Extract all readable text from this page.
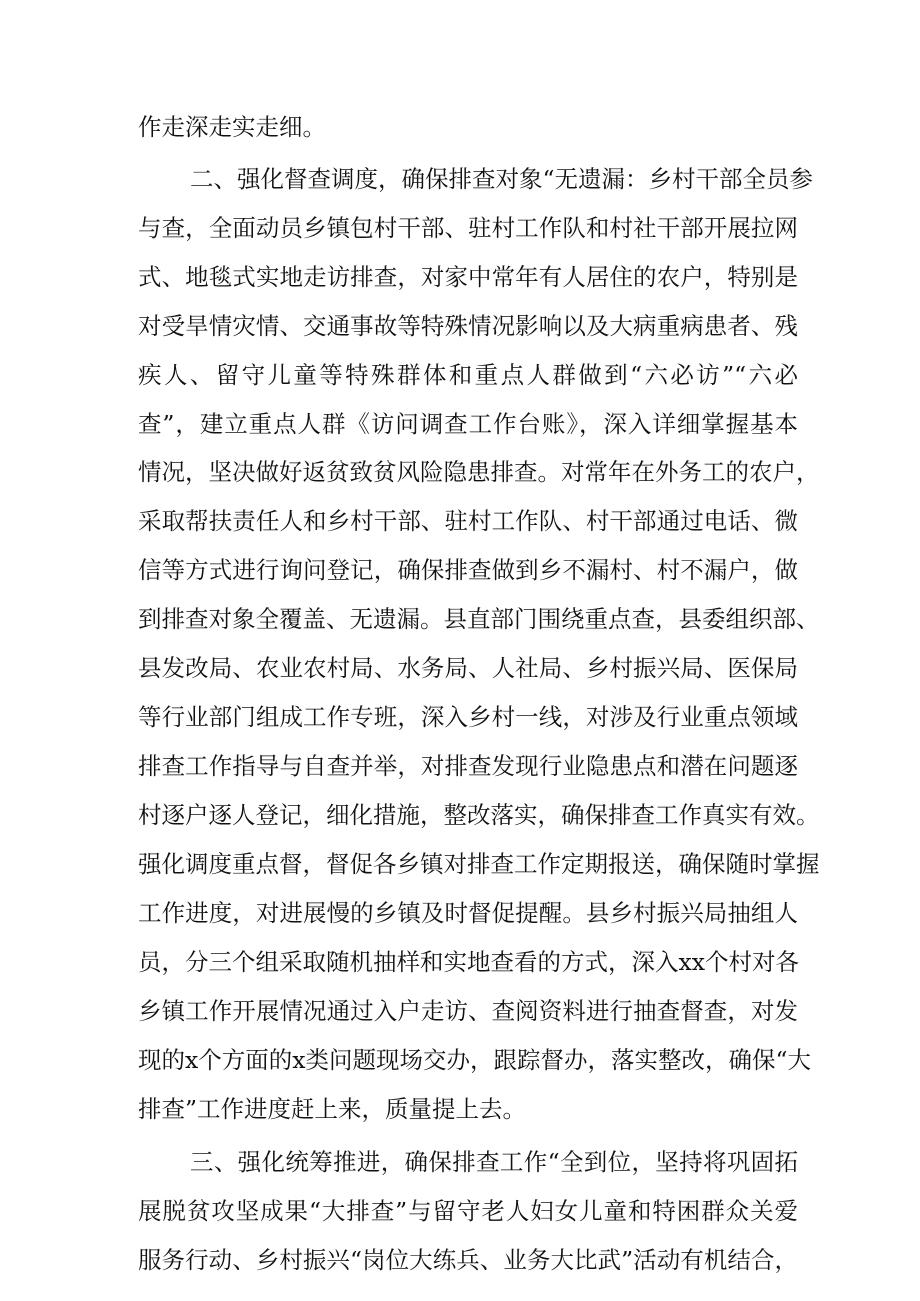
作走深走实走细。
二、强化督查调度，确保排查对象“无遗漏：乡村干部全员参
与查，全面动员乡镇包村干部、驻村工作队和村社干部开展拉网
式、地毯式实地走访排查，对家中常年有人居住的农户，特别是
对受旱情灾情、交通事故等特殊情况影响以及大病重病患者、残
疾人、留守儿童等特殊群体和重点人群做到“六必访”“六必
查”，建立重点人群《访问调查工作台账》，深入详细掌握基本
情况，坚决做好返贫致贫风险隐患排查。对常年在外务工的农户，
采取帮扶责任人和乡村干部、驻村工作队、村干部通过电话、微
信等方式进行询问登记，确保排查做到乡不漏村、村不漏户，做
到排查对象全覆盖、无遗漏。县直部门围绕重点查，县委组织部、
县发改局、农业农村局、水务局、人社局、乡村振兴局、医保局
等行业部门组成工作专班，深入乡村一线，对涉及行业重点领域
排查工作指导与自查并举，对排查发现行业隐患点和潜在问题逐
村逐户逐人登记，细化措施，整改落实，确保排查工作真实有效。
强化调度重点督，督促各乡镇对排查工作定期报送，确保随时掌握
工作进度，对进展慢的乡镇及时督促提醒。县乡村振兴局抽组人
员，分三个组采取随机抽样和实地查看的方式，深入xx个村对各
乡镇工作开展情况通过入户走访、查阅资料进行抽查督查，对发
现的x个方面的x类问题现场交办，跟踪督办，落实整改，确保“大
排查”工作进度赶上来，质量提上去。
三、强化统筹推进，确保排查工作“全到位，坚持将巩固拓
展脱贫攻坚成果“大排查”与留守老人妇女儿童和特困群众关爱
服务行动、乡村振兴“岗位大练兵、业务大比武”活动有机结合，
